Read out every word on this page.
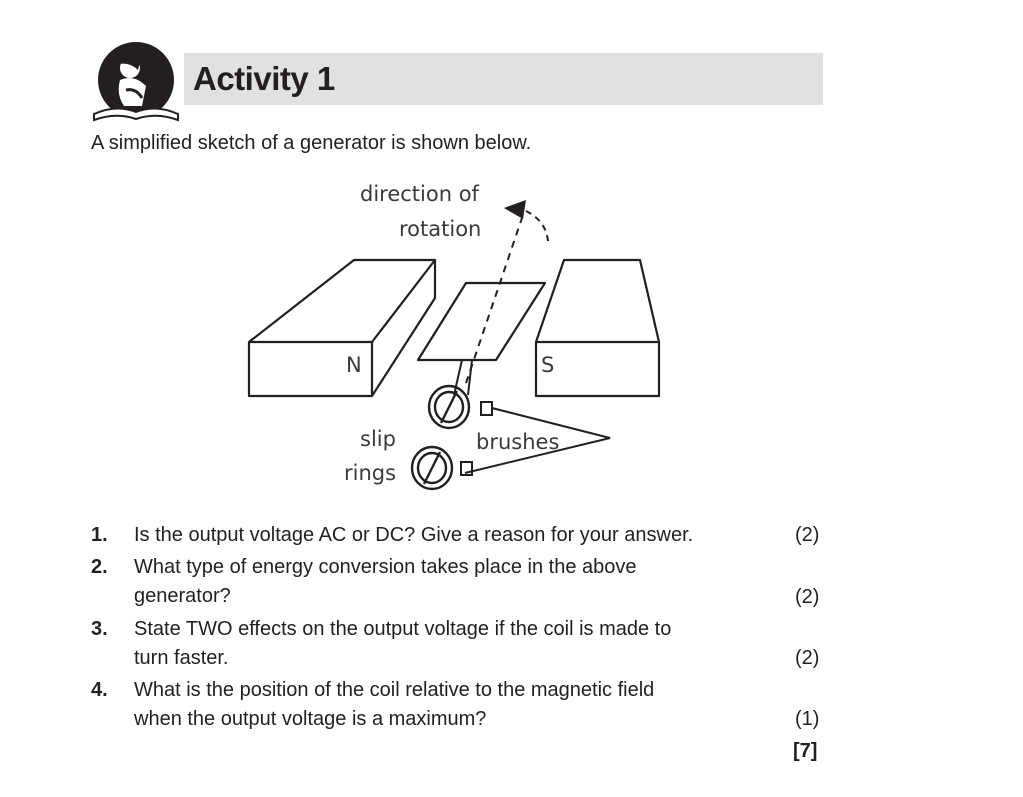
Activity 1
A simplified sketch of a generator is shown below.
direction of
rotation
N	S
slip
rings
brushes
1. Is the output voltage AC or DC? Give a reason for your answer.	(2)
2. What type of energy conversion takes place in the above
generator?	(2)
3. State TWO effects on the output voltage if the coil is made to
turn faster.	(2)
4. What is the position of the coil relative to the magnetic field
when the output voltage is a maximum?	(1)
[7]
